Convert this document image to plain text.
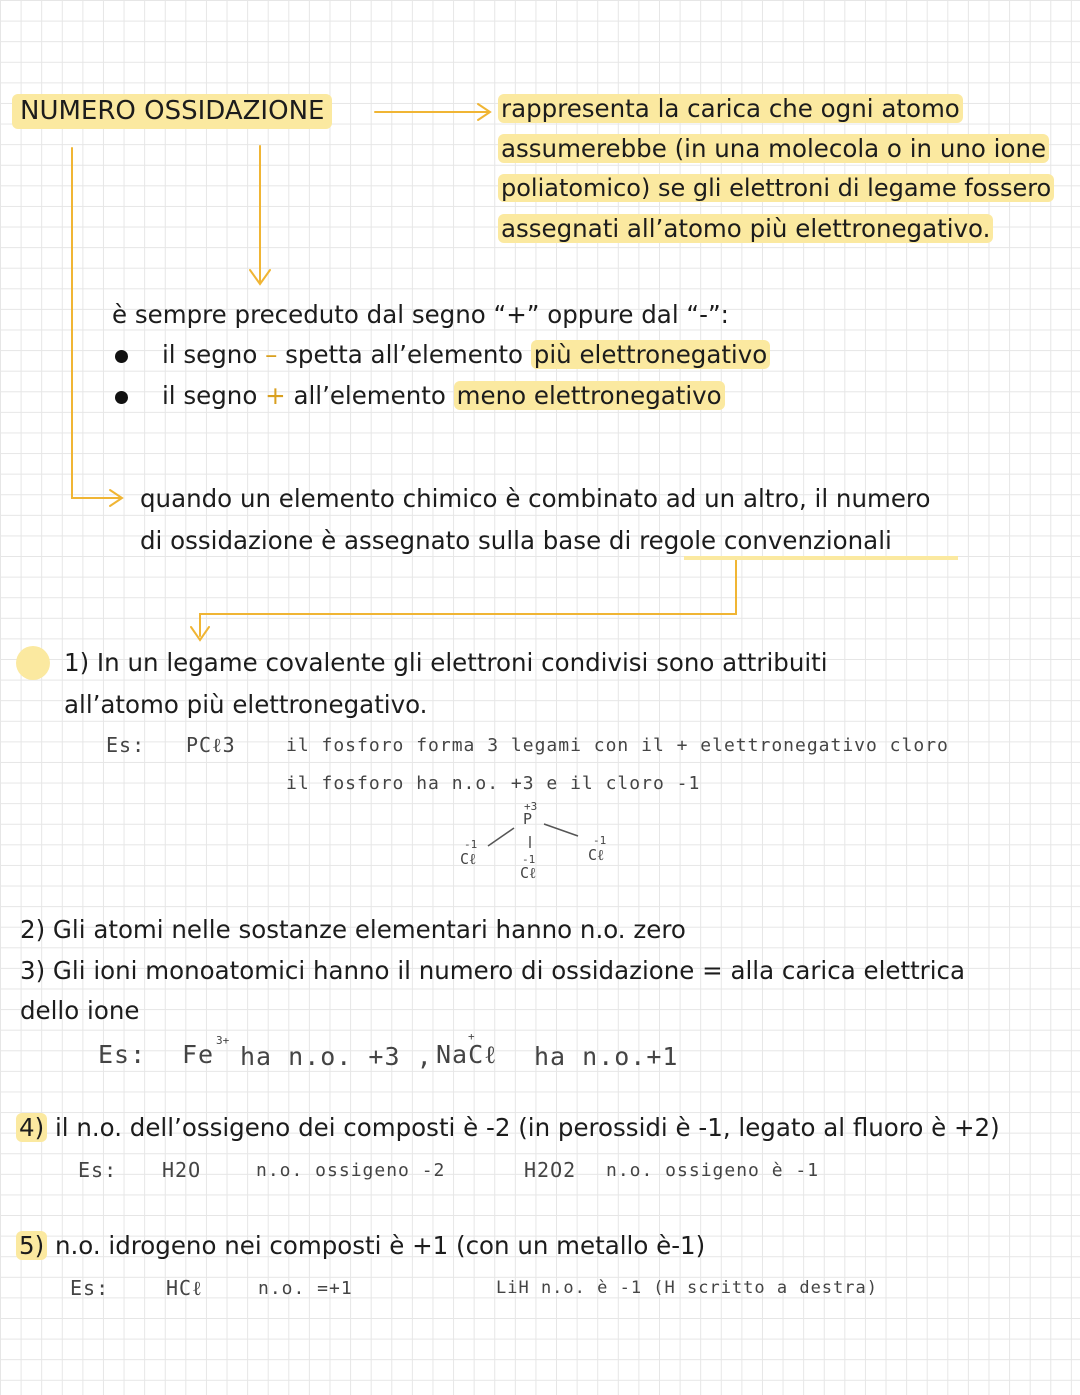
NUMERO OSSIDAZIONE	rappresenta la carica che ogni atomo
assumerebbe (in una molecola o in uno ione
poliatomico) se gli elettroni di legame fossero
assegnati all’atomo più elettronegativo.
è sempre preceduto dal segno “+” oppure dal “-”:
il segno – spetta all’elemento più elettronegativo
il segno + all’elemento meno elettronegativo
quando un elemento chimico è combinato ad un altro, il numero
di ossidazione è assegnato sulla base di regole convenzionali
1) In un legame covalente gli elettroni condivisi sono attribuiti
all’atomo più elettronegativo.
Es: PCℓ3	il fosforo forma 3 legami con il + elettronegativo cloro
il fosforo ha n.o. +3 e il cloro -1
+3
P
-1
Cℓ
-1
Cℓ
-1
Cℓ
2) Gli atomi nelle sostanze elementari hanno n.o. zero
3) Gli ioni monoatomici hanno il numero di ossidazione = alla carica elettrica
dello ione
Es: Fe 3+
ha n.o. +3 , NaCℓ
+
ha n.o.+1
4) il n.o. dell’ossigeno dei composti è -2 (in perossidi è -1, legato al fluoro è +2)
Es: H2O	n.o. ossigeno -2	H2O2 n.o. ossigeno è -1
5) n.o. idrogeno nei composti è +1 (con un metallo è-1)
Es:	HCℓ	n.o. =+1	LiH n.o. è -1 (H scritto a destra)
